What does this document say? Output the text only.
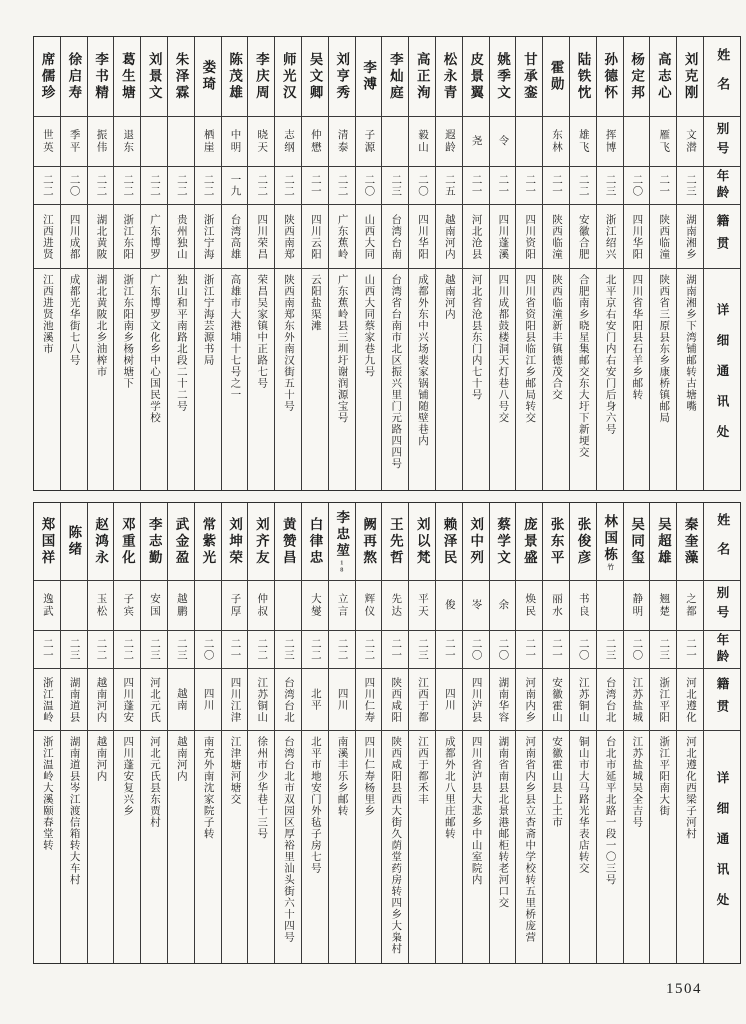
姓名
别号
年龄
籍贯
详细通讯处
刘克刚
文潜
二三
湖南湘乡
湖南湘乡下湾铺邮转古塘嘴
高志心
雁飞
二一
陕西临潼
陕西省三原县东乡康桥镇邮局
杨定邦
二〇
四川华阳
四川省华阳县石羊乡邮转
孙德怀
挥博
二三
浙江绍兴
北平京右安门内右安门后身六号
陆铁忱
雄飞
二二
安徽合肥
合肥南乡晓星集邮交东大圩下新埂交
霍勋
东林
二一
陕西临潼
陕西临潼新丰镇德茂合交
甘承銮
二一
四川资阳
四川省资阳县临江乡邮局转交
姚季文
令
二一
四川蓬溪
四川成都鼓楼洞天灯巷八号交
皮景翼
尧
二一
河北沧县
河北省沧县东门内七十号
松永青
遐龄
二五
越南河内
越南河内
高正洵
毅山
二〇
四川华阳
成都外东中兴场裴家锅铺随壁巷内
李灿庭
二三
台湾台南
台湾省台南市北区振兴里门元路四四号
李溥
子源
二〇
山西大同
山西大同蔡家巷九号
刘亨秀
清泰
二二
广东蕉岭
广东蕉岭县三圳圩谢润源宝号
吴文卿
仲懋
二一
四川云阳
云阳盐渠滩
师光汉
志纲
二二
陕西南郑
陕西南郑东外南汉街五十号
李庆周
晓天
二二
四川荣昌
荣昌吴家镇中正路七号
陈茂雄
中明
一九
台湾高雄
高雄市大港埔十七号之一
娄琦
栖崖
二二
浙江宁海
浙江宁海芸源书局
朱泽霖
二二
贵州独山
独山和平南路北段二十二号
刘景文
二二
广东博罗
广东博罗文化乡中心国民学校
葛生塘
退东
二二
浙江东阳
浙江东阳南乡杨树塘下
李书精
振伟
二二
湖北黄陂
湖北黄陂北乡油榨市
徐启寿
季平
二〇
四川成都
成都光华街七八号
席儒珍
世英
二二
江西进贤
江西进贤池溪市
姓名
别号
年龄
籍贯
详细通讯处
秦奎藻
之都
二一
河北遵化
河北遵化西梁子河村
吴超雄
翘楚
二三
浙江平阳
浙江平阳南大街
吴同玺
静明
二〇
江苏盐城
江苏盐城吴全吉号
林国栋竹
二三
台湾台北
台北市延平北路一段一〇三号
张俊彦
书良
二〇
江苏铜山
铜山市大马路光华表店转交
张东平
丽水
二一
安徽霍山
安徽霍山县上土市
庞景盛
焕民
二一
河南内乡
河南省内乡县立杳斋中学校转五里桥庞营
蔡学文
余
二〇
湖南华容
湖南省南县北景港邮柜转老河口交
刘中列
岺
二〇
四川泸县
四川省泸县大悲乡中山室院内
赖泽民
俊
二一
四川
成都外北八里庄邮转
刘以梵
平天
二三
江西于都
江西于都禾丰
王先哲
先达
二一
陕西咸阳
陕西咸阳县西大街久荫堂药房转四乡大枭村
阙再熬
辉仪
二二
四川仁寿
四川仁寿杨里乡
李忠堃18
立言
二二
四川
南溪丰乐乡邮转
白律忠
大燮
二二
北平
北平市地安门外毡子房七号
黄赞昌
二三
台湾台北
台湾台北市双园区厚裕里汕头街六十四号
刘齐友
仲叔
二二
江苏铜山
徐州市少华巷十三号
刘坤荣
子厚
二一
四川江津
江津塘河塘交
常紫光
二〇
四川
南充外南沈家院子转
武金盈
越鹏
二三
越南
越南河内
李志勤
安国
二三
河北元氏
河北元氏县东贾村
邓重化
子宾
二二
四川蓬安
四川蓬安复兴乡
赵鸿永
玉松
二二
越南河内
越南河内
陈绪
二三
湖南道县
湖南道县岑江渡信箱转大车村
郑国祥
逸武
二一
浙江温岭
浙江温岭大溪颐春堂转
1504
